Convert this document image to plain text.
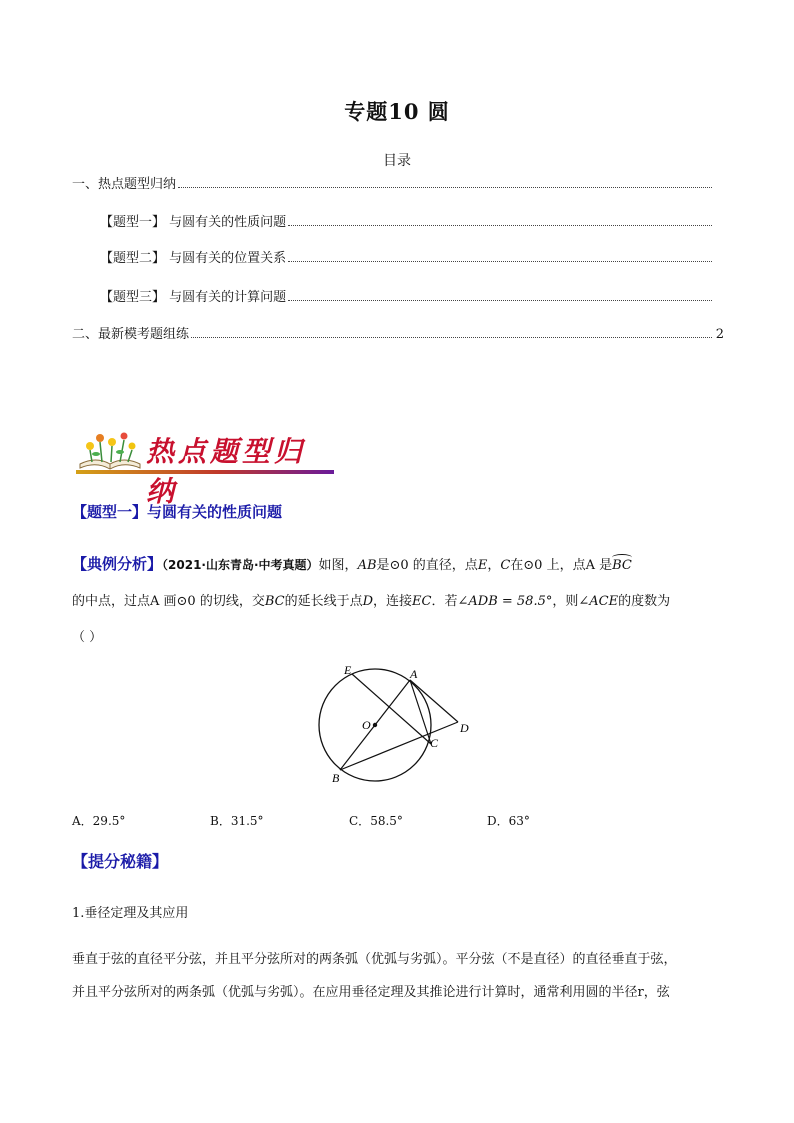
专题10 圆
目录
一、热点题型归纳
【题型一】 与圆有关的性质问题
【题型二】 与圆有关的位置关系
【题型三】 与圆有关的计算问题
二、最新模考题组练	2
热点题型归纳
【题型一】与圆有关的性质问题
【典例分析】（2021·山东青岛·中考真题）如图，AB是⊙0 的直径，点E，C在⊙0 上，点A 是
BC
的中点，过点A 画⊙0 的切线，交BC的延长线于点D，连接EC．若∠ADB = 58.5°，则∠ACE的度数为
（ ）
E	A
O	D
C
B
A．29.5°	B．31.5°	C．58.5°	D．63°
【提分秘籍】
1.垂径定理及其应用
垂直于弦的直径平分弦，并且平分弦所对的两条弧（优弧与劣弧）。平分弦（不是直径）的直径垂直于弦，
并且平分弦所对的两条弧（优弧与劣弧）。在应用垂径定理及其推论进行计算时，通常利用圆的半径r，弦
